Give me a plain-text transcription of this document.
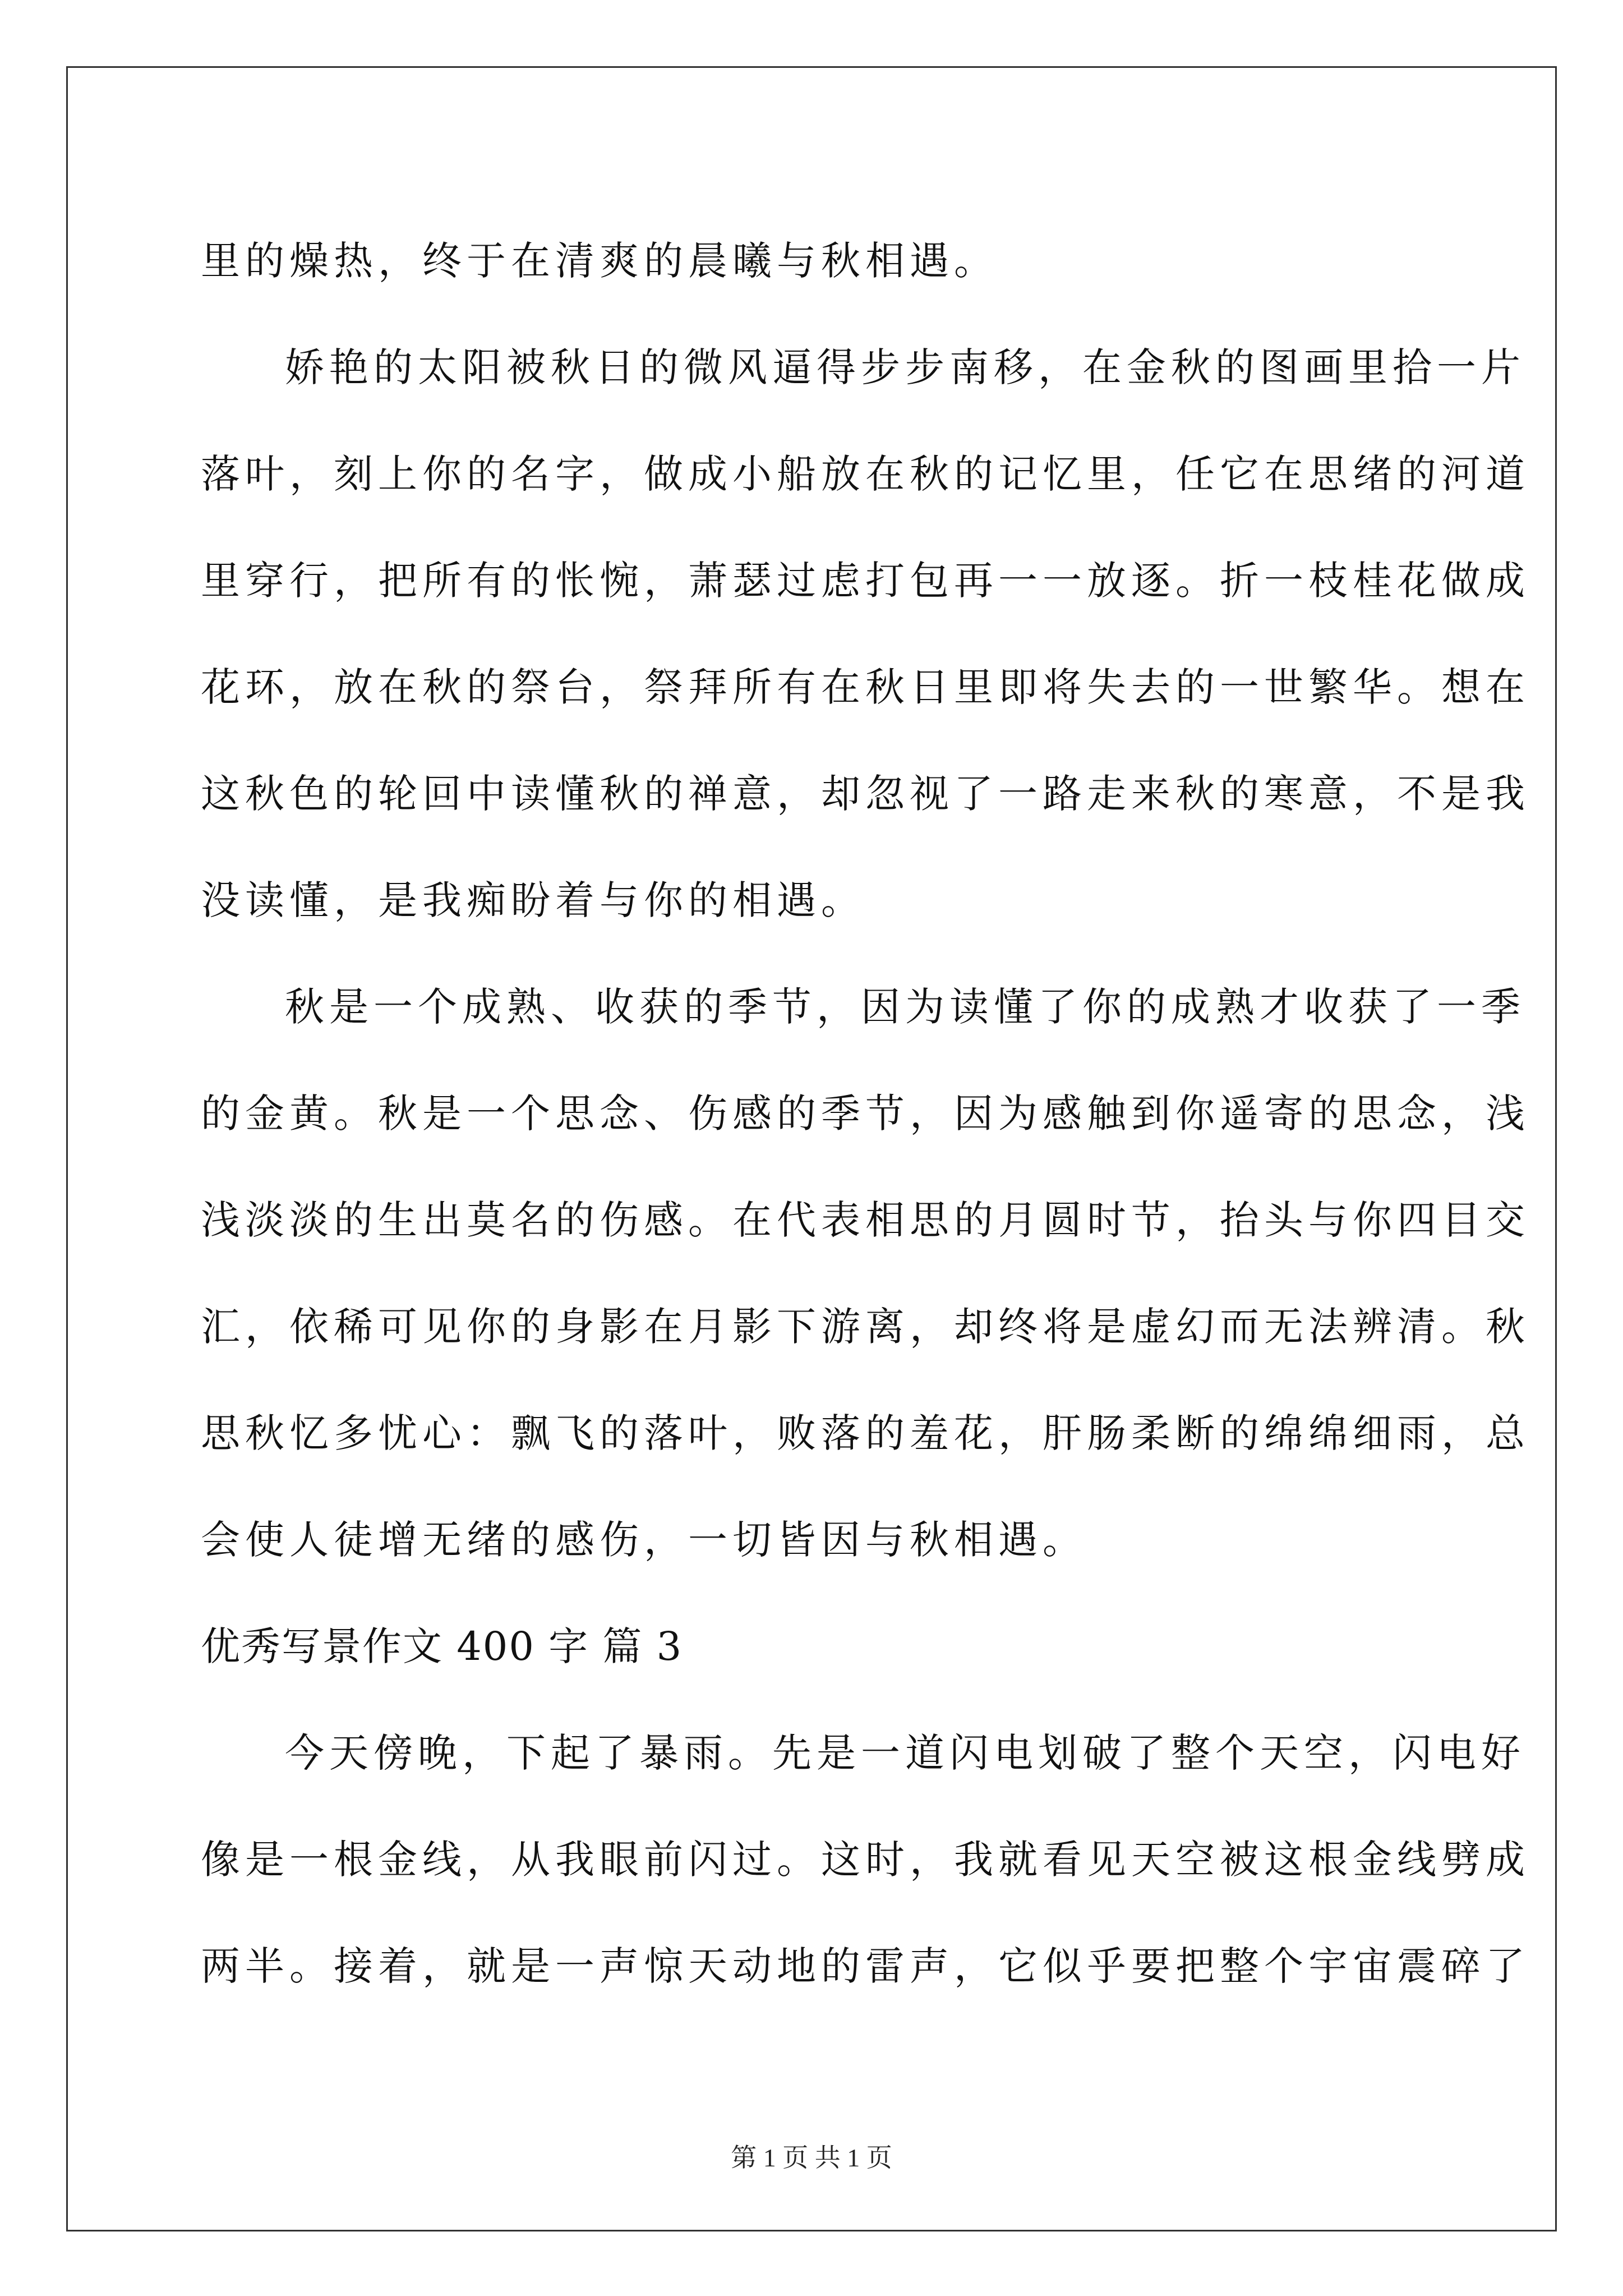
里的燥热，终于在清爽的晨曦与秋相遇。
娇艳的太阳被秋日的微风逼得步步南移，在金秋的图画里拾一片
落叶，刻上你的名字，做成小船放在秋的记忆里，任它在思绪的河道
里穿行，把所有的怅惋，萧瑟过虑打包再一一放逐。折一枝桂花做成
花环，放在秋的祭台，祭拜所有在秋日里即将失去的一世繁华。想在
这秋色的轮回中读懂秋的禅意，却忽视了一路走来秋的寒意，不是我
没读懂，是我痴盼着与你的相遇。
秋是一个成熟、收获的季节，因为读懂了你的成熟才收获了一季
的金黄。秋是一个思念、伤感的季节，因为感触到你遥寄的思念，浅
浅淡淡的生出莫名的伤感。在代表相思的月圆时节，抬头与你四目交
汇，依稀可见你的身影在月影下游离，却终将是虚幻而无法辨清。秋
思秋忆多忧心：飘飞的落叶，败落的羞花，肝肠柔断的绵绵细雨，总
会使人徒增无绪的感伤，一切皆因与秋相遇。
优秀写景作文 400 字 篇 3
今天傍晚，下起了暴雨。先是一道闪电划破了整个天空，闪电好
像是一根金线，从我眼前闪过。这时，我就看见天空被这根金线劈成
两半。接着，就是一声惊天动地的雷声，它似乎要把整个宇宙震碎了
第 1 页 共 1 页
